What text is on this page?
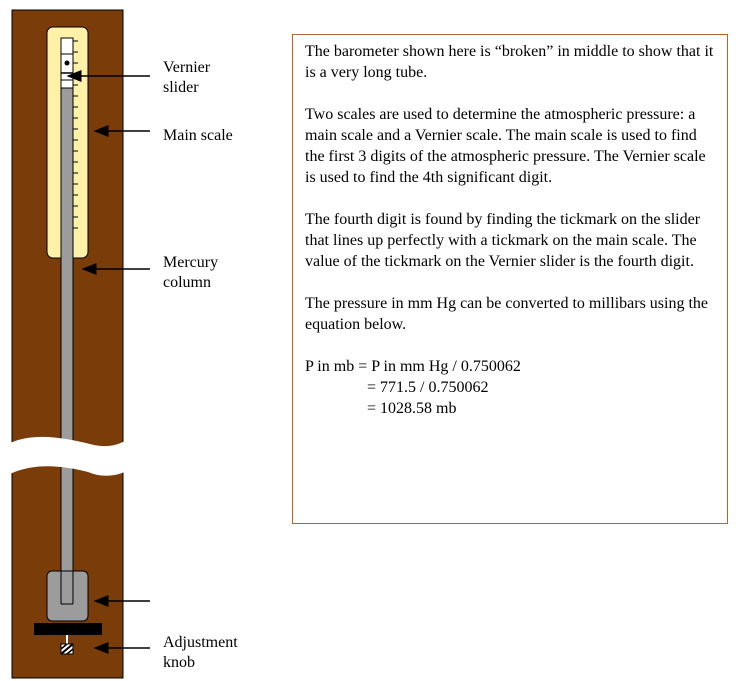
Vernier
slider
Main scale
Mercury
column
Adjustment
knob

The barometer shown here is “broken” in middle to show that it is a very long tube.

Two scales are used to determine the atmospheric pressure: a main scale and a Vernier scale. The main scale is used to find the first 3 digits of the atmospheric pressure. The Vernier scale is used to find the 4th significant digit.

The fourth digit is found by finding the tickmark on the slider that lines up perfectly with a tickmark on the main scale. The value of the tickmark on the Vernier slider is the fourth digit.

The pressure in mm Hg can be converted to millibars using the equation below.

P in mb = P in mm Hg / 0.750062
= 771.5 / 0.750062
= 1028.58 mb
